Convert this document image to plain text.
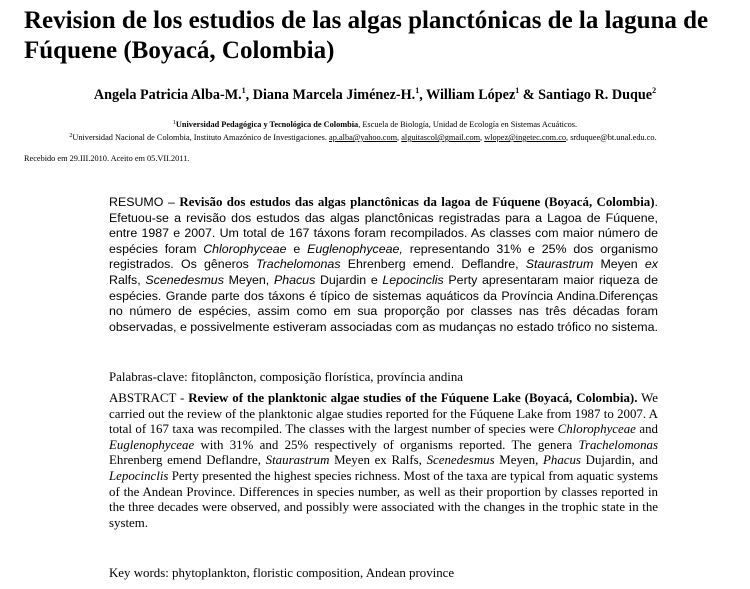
Revision de los estudios de las algas planctónicas de la laguna de Fúquene (Boyacá, Colombia)
Angela Patricia Alba-M.$^1$, Diana Marcela Jiménez-H.$^1$, William López$^1$ & Santiago R. Duque$^2$
$^1$Universidad Pedagógica y Tecnológica de Colombia, Escuela de Biología, Unidad de Ecología en Sistemas Acuáticos.
$^2$Universidad Nacional de Colombia, Instituto Amazónico de Investigaciones. ap.alba@yahoo.com, alguitascol@gmail.com, wlopez@ingetec.com.co, srduquee@bt.unal.edu.co.
Recebido em 29.III.2010. Aceito em 05.VII.2011.

RESUMO – Revisão dos estudos das algas planctônicas da lagoa de Fúquene (Boyacá, Colombia). Efetuou-se a revisão dos estudos das algas planctônicas registradas para a Lagoa de Fúquene, entre 1987 e 2007. Um total de 167 táxons foram recompilados. As classes com maior número de espécies foram Chlorophyceae e Euglenophyceae, representando 31% e 25% dos organismo registrados. Os gêneros Trachelomonas Ehrenberg emend. Deflandre, Staurastrum Meyen ex Ralfs, Scenedesmus Meyen, Phacus Dujardin e Lepocinclis Perty apresentaram maior riqueza de espécies. Grande parte dos táxons é típico de sistemas aquáticos da Província Andina.Diferenças no número de espécies, assim como em sua proporção por classes nas três décadas foram observadas, e possivelmente estiveram associadas com as mudanças no estado trófico no sistema.

Palabras-clave: fitoplâncton, composição florística, província andina

ABSTRACT - Review of the planktonic algae studies of the Fúquene Lake (Boyacá, Colombia). We carried out the review of the planktonic algae studies reported for the Fúquene Lake from 1987 to 2007. A total of 167 taxa was recompiled. The classes with the largest number of species were Chlorophyceae and Euglenophyceae with 31% and 25% respectively of organisms reported. The genera Trachelomonas Ehrenberg emend Deflandre, Staurastrum Meyen ex Ralfs, Scenedesmus Meyen, Phacus Dujardin, and Lepocinclis Perty presented the highest species richness. Most of the taxa are typical from aquatic systems of the Andean Province. Differences in species number, as well as their proportion by classes reported in the three decades were observed, and possibly were associated with the changes in the trophic state in the system.

Key words: phytoplankton, floristic composition, Andean province
